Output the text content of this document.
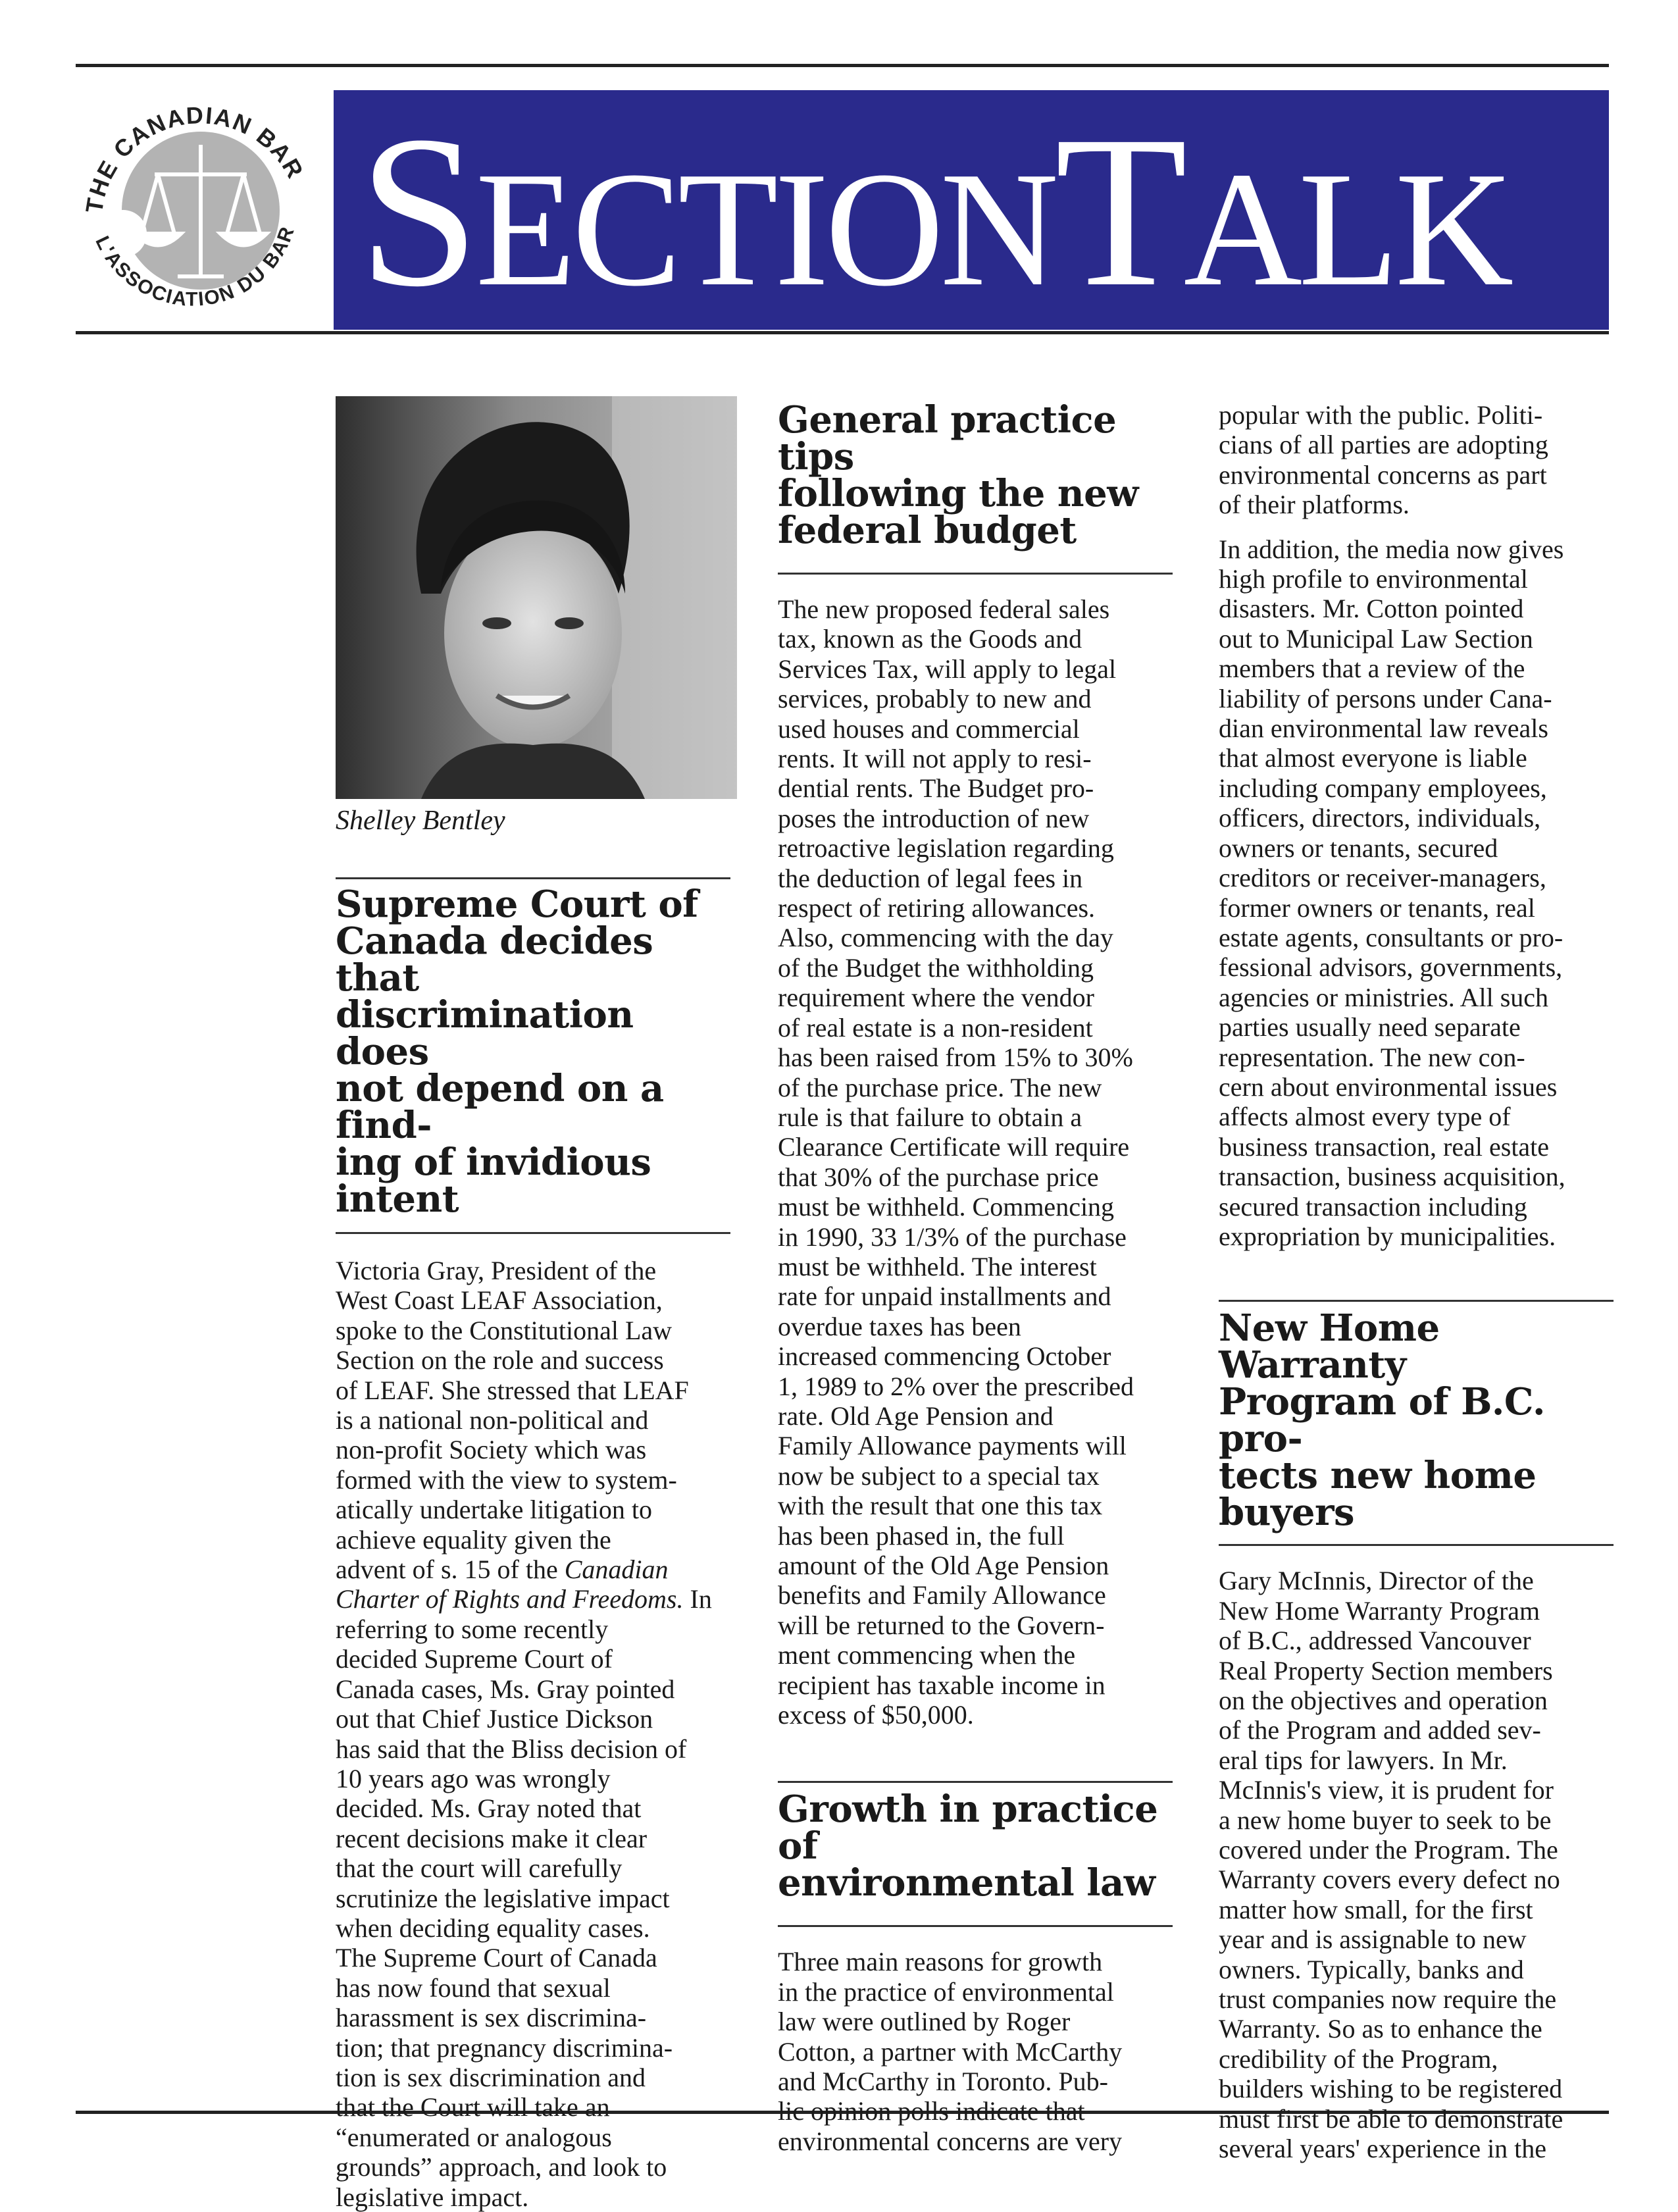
THE CANADIAN BAR
L'ASSOCIATION DU BAR SECTIONTALK
Shelley Bentley
Supreme Court of
Canada decides that
discrimination does
not depend on a find-
ing of invidious intent
Victoria Gray, President of the
West Coast LEAF Association,
spoke to the Constitutional Law
Section on the role and success
of LEAF. She stressed that LEAF
is a national non-political and
non-profit Society which was
formed with the view to system-
atically undertake litigation to
achieve equality given the
advent of s. 15 of the Canadian
Charter of Rights and Freedoms. In
referring to some recently
decided Supreme Court of
Canada cases, Ms. Gray pointed
out that Chief Justice Dickson
has said that the Bliss decision of
10 years ago was wrongly
decided. Ms. Gray noted that
recent decisions make it clear
that the court will carefully
scrutinize the legislative impact
when deciding equality cases.
The Supreme Court of Canada
has now found that sexual
harassment is sex discrimina-
tion; that pregnancy discrimina-
tion is sex discrimination and
that the Court will take an
“enumerated or analogous
grounds” approach, and look to
legislative impact.
General practice tips
following the new
federal budget
The new proposed federal sales
tax, known as the Goods and
Services Tax, will apply to legal
services, probably to new and
used houses and commercial
rents. It will not apply to resi-
dential rents. The Budget pro-
poses the introduction of new
retroactive legislation regarding
the deduction of legal fees in
respect of retiring allowances.
Also, commencing with the day
of the Budget the withholding
requirement where the vendor
of real estate is a non-resident
has been raised from 15% to 30%
of the purchase price. The new
rule is that failure to obtain a
Clearance Certificate will require
that 30% of the purchase price
must be withheld. Commencing
in 1990, 33 1/3% of the purchase
must be withheld. The interest
rate for unpaid installments and
overdue taxes has been
increased commencing October
1, 1989 to 2% over the prescribed
rate. Old Age Pension and
Family Allowance payments will
now be subject to a special tax
with the result that one this tax
has been phased in, the full
amount of the Old Age Pension
benefits and Family Allowance
will be returned to the Govern-
ment commencing when the
recipient has taxable income in
excess of $50,000.
Growth in practice of
environmental law
Three main reasons for growth
in the practice of environmental
law were outlined by Roger
Cotton, a partner with McCarthy
and McCarthy in Toronto. Pub-
lic opinion polls indicate that
environmental concerns are very
popular with the public. Politi-
cians of all parties are adopting
environmental concerns as part
of their platforms.
In addition, the media now gives
high profile to environmental
disasters. Mr. Cotton pointed
out to Municipal Law Section
members that a review of the
liability of persons under Cana-
dian environmental law reveals
that almost everyone is liable
including company employees,
officers, directors, individuals,
owners or tenants, secured
creditors or receiver-managers,
former owners or tenants, real
estate agents, consultants or pro-
fessional advisors, governments,
agencies or ministries. All such
parties usually need separate
representation. The new con-
cern about environmental issues
affects almost every type of
business transaction, real estate
transaction, business acquisition,
secured transaction including
expropriation by municipalities.
New Home Warranty
Program of B.C. pro-
tects new home buyers
Gary McInnis, Director of the
New Home Warranty Program
of B.C., addressed Vancouver
Real Property Section members
on the objectives and operation
of the Program and added sev-
eral tips for lawyers. In Mr.
McInnis's view, it is prudent for
a new home buyer to seek to be
covered under the Program. The
Warranty covers every defect no
matter how small, for the first
year and is assignable to new
owners. Typically, banks and
trust companies now require the
Warranty. So as to enhance the
credibility of the Program,
builders wishing to be registered
must first be able to demonstrate
several years' experience in the
